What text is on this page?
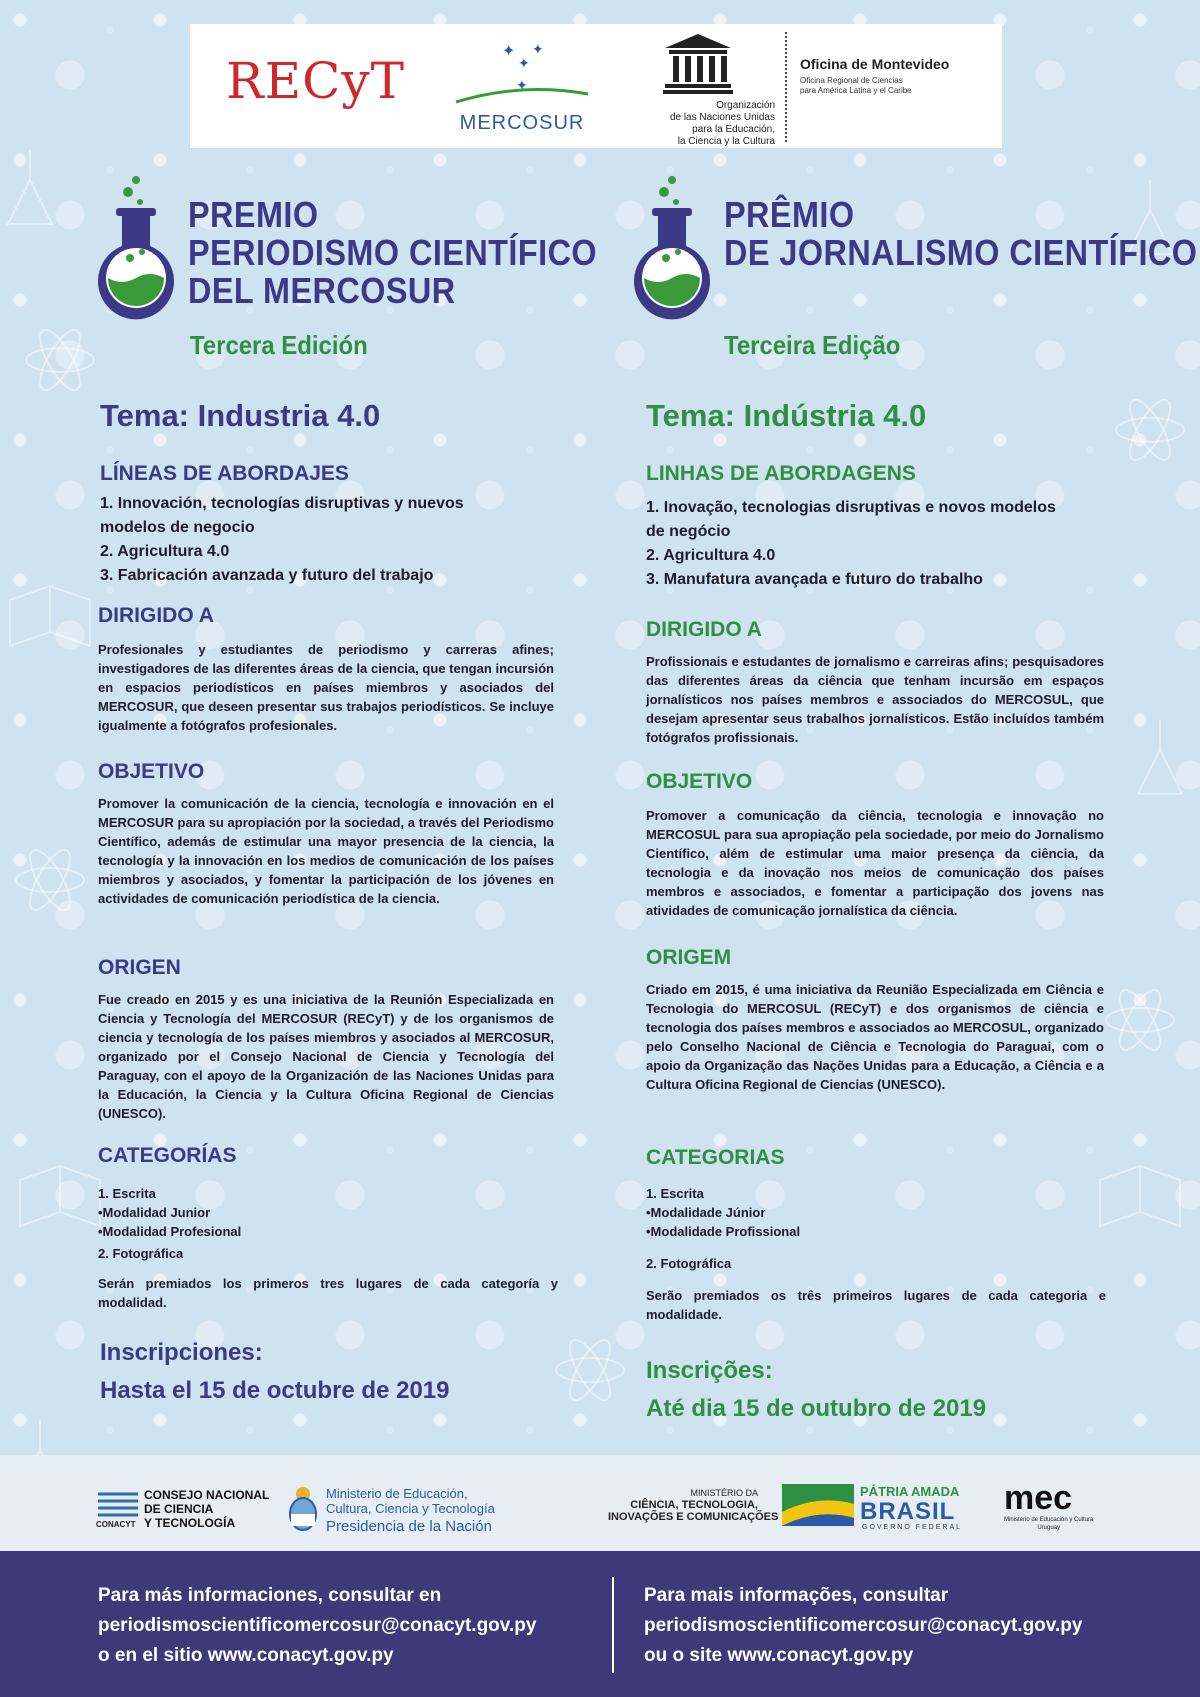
RECyT
✦
✦
✦
✦
MERCOSUR
Organización
de las Naciones Unidas
para la Educación,
la Ciencia y la Cultura
Oficina de Montevideo
Oficina Regional de Ciencias
para América Latina y el Caribe
PREMIO
PERIODISMO CIENTÍFICO
DEL MERCOSUR
Tercera Edición
PRÊMIO
DE JORNALISMO CIENTÍFICO
Terceira Edição
Tema: Industria 4.0
LÍNEAS DE ABORDAJES
1. Innovación, tecnologías disruptivas y nuevos
modelos de negocio
2. Agricultura 4.0
3. Fabricación avanzada y futuro del trabajo
DIRIGIDO A
Profesionales y estudiantes de periodismo y carreras afines; investigadores de las diferentes áreas de la ciencia, que tengan incursión en espacios periodísticos en países miembros y asociados del MERCOSUR, que deseen presentar sus trabajos periodísticos. Se incluye igualmente a fotógrafos profesionales.
OBJETIVO
Promover la comunicación de la ciencia, tecnología e innovación en el MERCOSUR para su apropiación por la sociedad, a través del Periodismo Científico, además de estimular una mayor presencia de la ciencia, la tecnología y la innovación en los medios de comunicación de los países miembros y asociados, y fomentar la participación de los jóvenes en actividades de comunicación periodística de la ciencia.
ORIGEN
Fue creado en 2015 y es una iniciativa de la Reunión Especializada en Ciencia y Tecnología del MERCOSUR (RECyT) y de los organismos de ciencia y tecnología de los países miembros y asociados al MERCOSUR, organizado por el Consejo Nacional de Ciencia y Tecnología del Paraguay, con el apoyo de la Organización de las Naciones Unidas para la Educación, la Ciencia y la Cultura Oficina Regional de Ciencias (UNESCO).
CATEGORÍAS
1. Escrita
•Modalidad Junior
•Modalidad Profesional
2. Fotográfica
Serán premiados los primeros tres lugares de cada categoría y modalidad.
Inscripciones:
Hasta el 15 de octubre de 2019
Tema: Indústria 4.0
LINHAS DE ABORDAGENS
1. Inovação, tecnologias disruptivas e novos modelos
de negócio
2. Agricultura 4.0
3. Manufatura avançada e futuro do trabalho
DIRIGIDO A
Profissionais e estudantes de jornalismo e carreiras afins; pesquisadores das diferentes áreas da ciência que tenham incursão em espaços jornalísticos nos países membros e associados do MERCOSUL, que desejam apresentar seus trabalhos jornalísticos. Estão incluídos também fotógrafos profissionais.
OBJETIVO
Promover a comunicação da ciência, tecnologia e innovação no MERCOSUL para sua apropiação pela sociedade, por meio do Jornalismo Científico, além de estimular uma maior presença da ciência, da tecnologia e da inovação nos meios de comunicação dos países membros e associados, e fomentar a participação dos jovens nas atividades de comunicação jornalística da ciência.
ORIGEM
Criado em 2015, é uma iniciativa da Reunião Especializada em Ciência e Tecnologia do MERCOSUL (RECyT) e dos organismos de ciência e tecnologia dos países membros e associados ao MERCOSUL, organizado pelo Conselho Nacional de Ciência e Tecnologia do Paraguai, com o apoio da Organização das Nações Unidas para a Educação, a Ciência e a Cultura Oficina Regional de Ciencias (UNESCO).
CATEGORIAS
1. Escrita
•Modalidade Júnior
•Modalidade Profissional
2. Fotográfica
Serão premiados os três primeiros lugares de cada categoria e modalidade.
Inscrições:
Até dia 15 de outubro de 2019
CONACYT
CONSEJO NACIONAL
DE CIENCIA
Y TECNOLOGÍA
Ministerio de Educación,
Cultura, Ciencia y Tecnología
Presidencia de la Nación
MINISTÉRIO DA
CIÊNCIA, TECNOLOGIA,
INOVAÇÕES E COMUNICAÇÕES
PÁTRIA AMADA
BRASIL
GOVERNO FEDERAL
mec
Ministerio de Educación y Cultura
Uruguay
Para más informaciones, consultar en
periodismoscientificomercosur@conacyt.gov.py
o en el sitio www.conacyt.gov.py
Para mais informações, consultar
periodismoscientificomercosur@conacyt.gov.py
ou o site www.conacyt.gov.py
